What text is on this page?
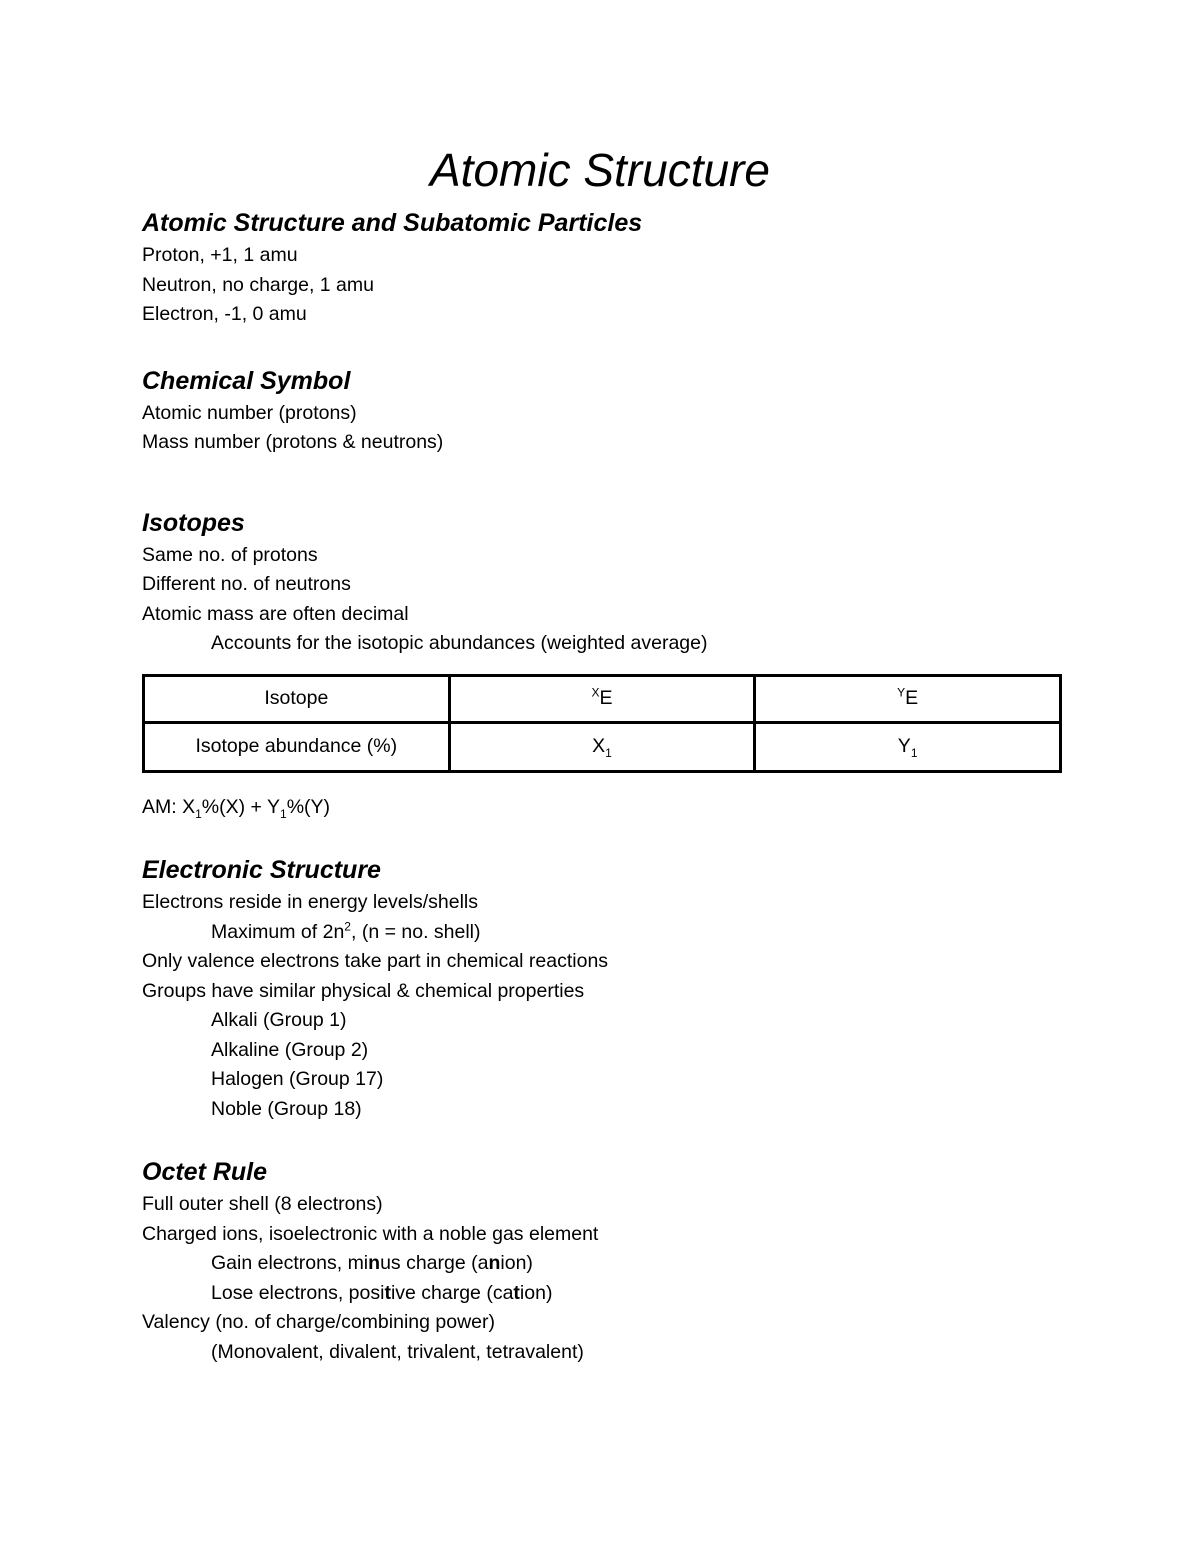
Atomic Structure
Atomic Structure and Subatomic Particles
Proton, +1, 1 amu
Neutron, no charge, 1 amu
Electron, -1, 0 amu
Chemical Symbol
Atomic number (protons)
Mass number (protons & neutrons)
Isotopes
Same no. of protons
Different no. of neutrons
Atomic mass are often decimal
Accounts for the isotopic abundances (weighted average)
Isotope	$^X$E	$^Y$E
Isotope abundance (%)	$X_1$	$Y_1$
AM: $X_1\%(X) + Y_1\%(Y)$
Electronic Structure
Electrons reside in energy levels/shells
Maximum of $2n^2$, (n = no. shell)
Only valence electrons take part in chemical reactions
Groups have similar physical & chemical properties
Alkali (Group 1)
Alkaline (Group 2)
Halogen (Group 17)
Noble (Group 18)
Octet Rule
Full outer shell (8 electrons)
Charged ions, isoelectronic with a noble gas element
Gain electrons, minus charge (anion)
Lose electrons, positive charge (cation)
Valency (no. of charge/combining power)
(Monovalent, divalent, trivalent, tetravalent)
